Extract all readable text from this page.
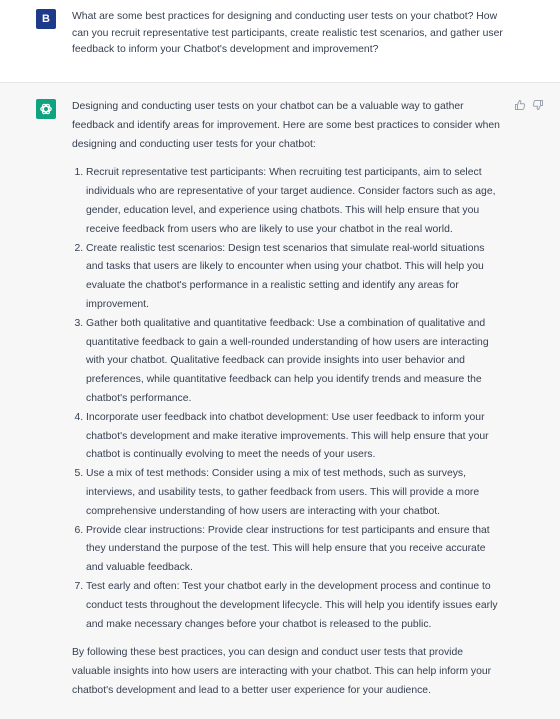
B	What are some best practices for designing and conducting user tests on your chatbot? How can you recruit representative test participants, create realistic test scenarios, and gather user feedback to inform your Chatbot's development and improvement?

Designing and conducting user tests on your chatbot can be a valuable way to gather feedback and identify areas for improvement. Here are some best practices to consider when designing and conducting user tests for your chatbot:

1. Recruit representative test participants: When recruiting test participants, aim to select individuals who are representative of your target audience. Consider factors such as age, gender, education level, and experience using chatbots. This will help ensure that you receive feedback from users who are likely to use your chatbot in the real world.
2. Create realistic test scenarios: Design test scenarios that simulate real-world situations and tasks that users are likely to encounter when using your chatbot. This will help you evaluate the chatbot's performance in a realistic setting and identify any areas for improvement.
3. Gather both qualitative and quantitative feedback: Use a combination of qualitative and quantitative feedback to gain a well-rounded understanding of how users are interacting with your chatbot. Qualitative feedback can provide insights into user behavior and preferences, while quantitative feedback can help you identify trends and measure the chatbot's performance.
4. Incorporate user feedback into chatbot development: Use user feedback to inform your chatbot's development and make iterative improvements. This will help ensure that your chatbot is continually evolving to meet the needs of your users.
5. Use a mix of test methods: Consider using a mix of test methods, such as surveys, interviews, and usability tests, to gather feedback from users. This will provide a more comprehensive understanding of how users are interacting with your chatbot.
6. Provide clear instructions: Provide clear instructions for test participants and ensure that they understand the purpose of the test. This will help ensure that you receive accurate and valuable feedback.
7. Test early and often: Test your chatbot early in the development process and continue to conduct tests throughout the development lifecycle. This will help you identify issues early and make necessary changes before your chatbot is released to the public.

By following these best practices, you can design and conduct user tests that provide valuable insights into how users are interacting with your chatbot. This can help inform your chatbot's development and lead to a better user experience for your audience.
